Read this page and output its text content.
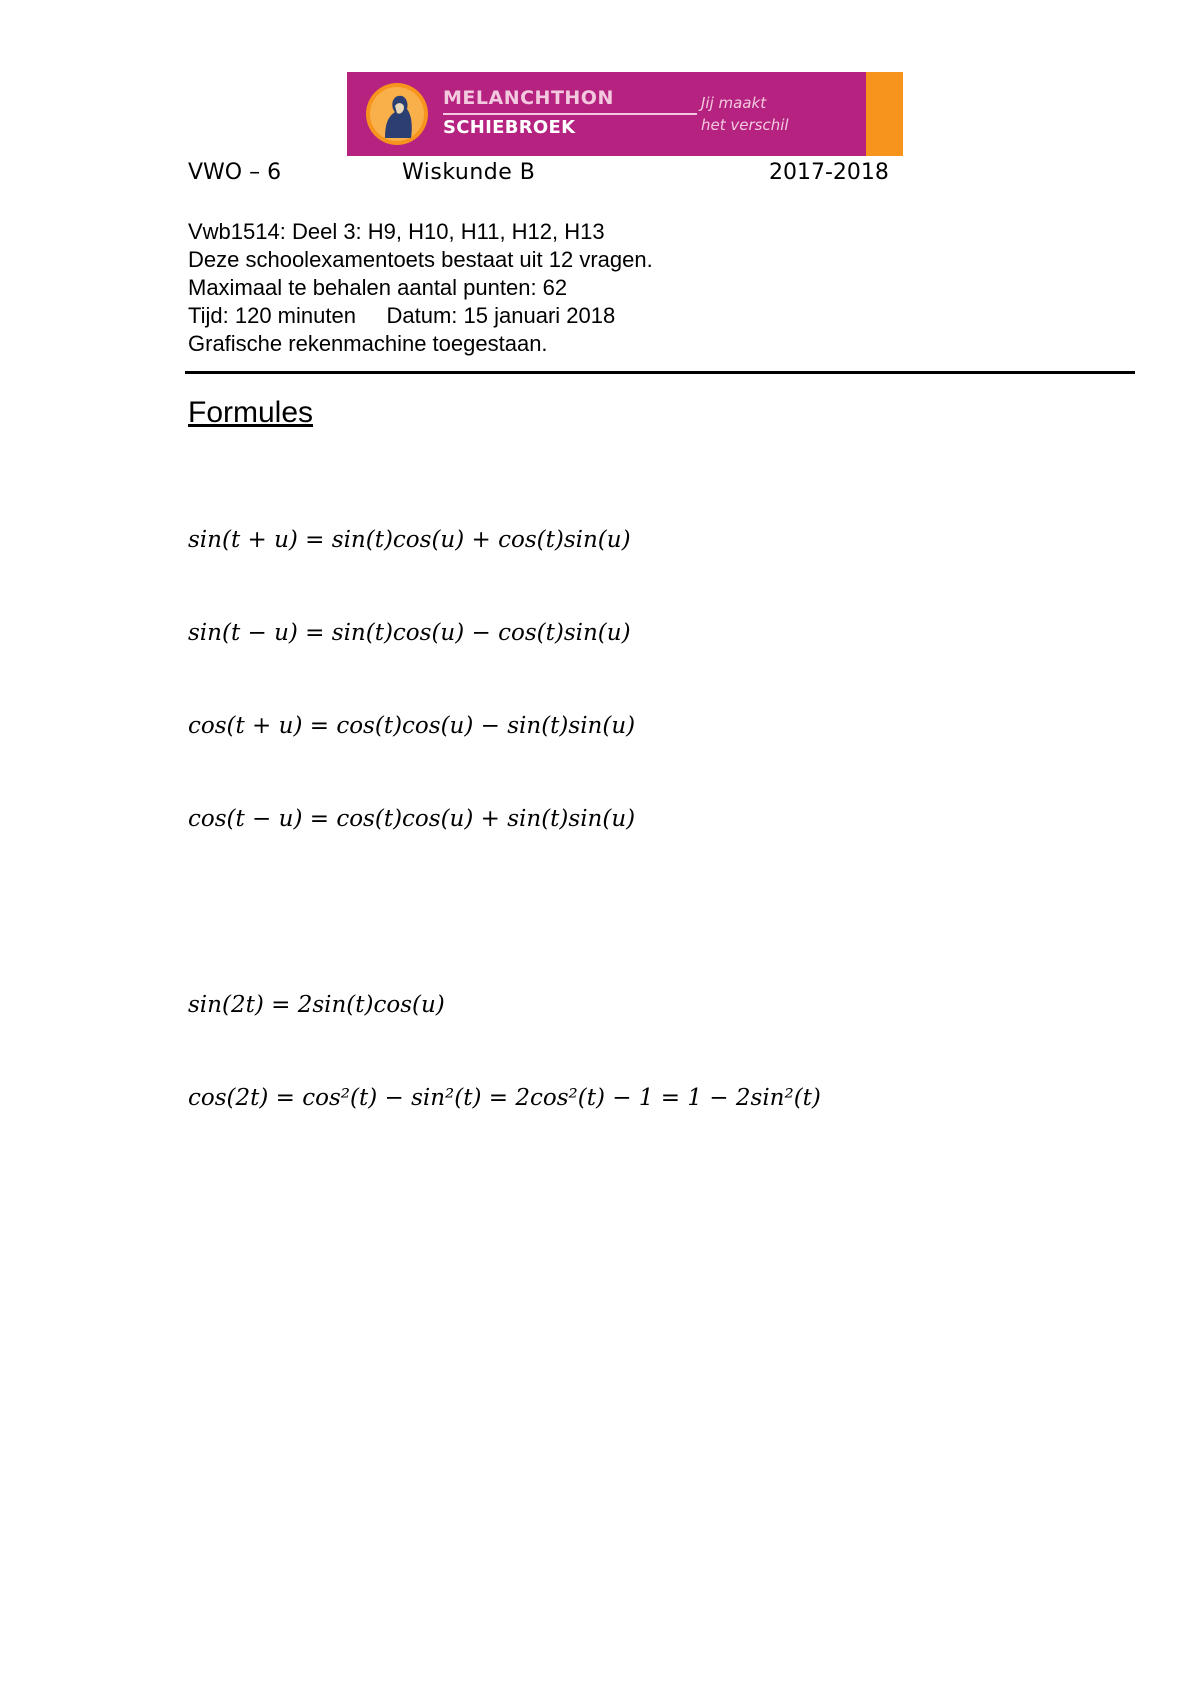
MELANCHTHON
SCHIEBROEK
Jij maakt
het verschil
VWO – 6	Wiskunde B	2017-2018
Vwb1514: Deel 3: H9, H10, H11, H12, H13
Deze schoolexamentoets bestaat uit 12 vragen.
Maximaal te behalen aantal punten: 62
Tijd: 120 minuten     Datum: 15 januari 2018
Grafische rekenmachine toegestaan.
Formules

sin(t + u) = sin(t)cos(u) + cos(t)sin(u)

sin(t − u) = sin(t)cos(u) − cos(t)sin(u)

cos(t + u) = cos(t)cos(u) − sin(t)sin(u)

cos(t − u) = cos(t)cos(u) + sin(t)sin(u)

sin(2t) = 2sin(t)cos(u)

cos(2t) = cos²(t) − sin²(t) = 2cos²(t) − 1 = 1 − 2sin²(t)
